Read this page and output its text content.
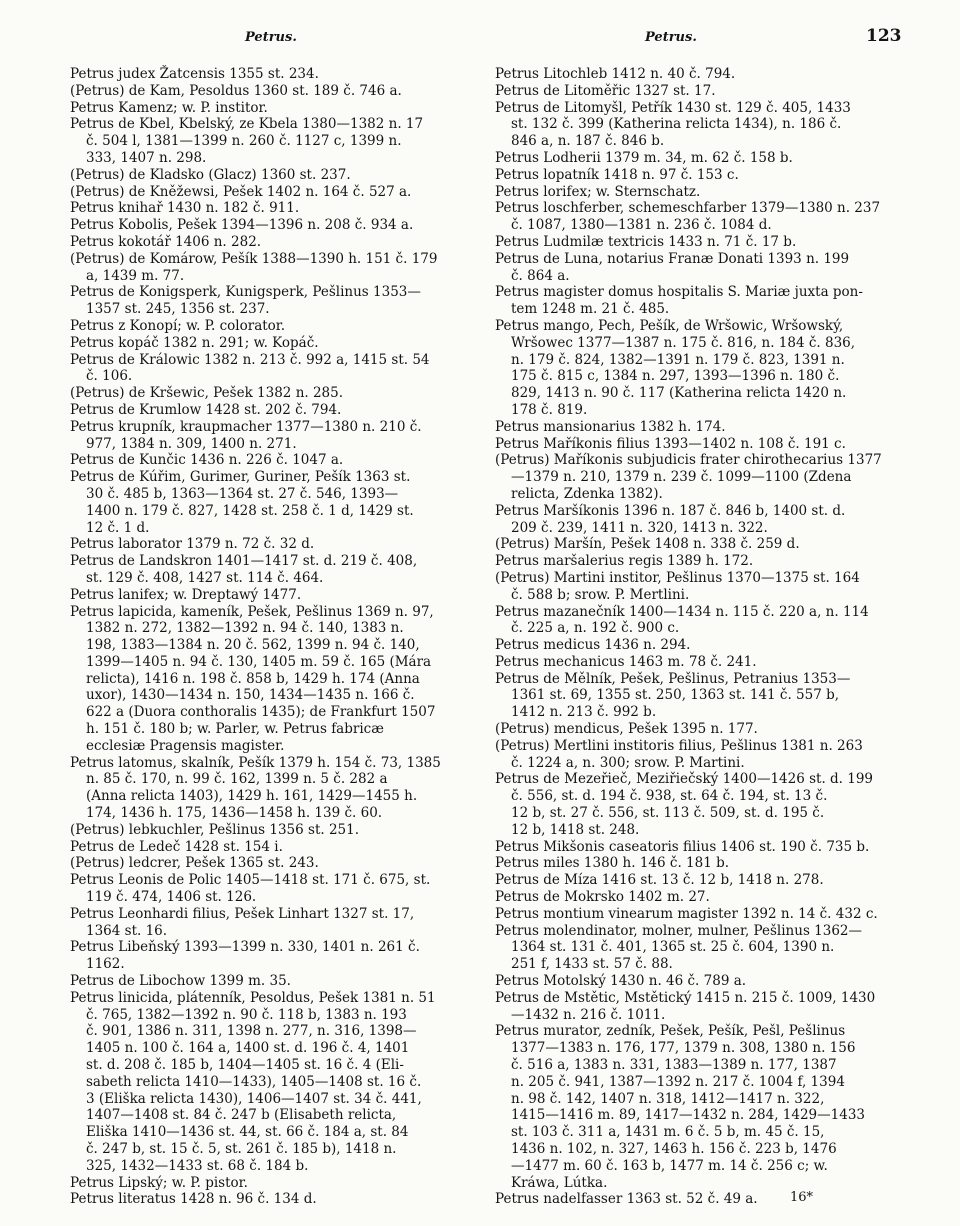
Petrus.	Petrus.	123

Petrus judex Žatcensis 1355 st. 234.

(Petrus) de Kam, Pesoldus 1360 st. 189 č. 746 a.

Petrus Kamenz; w. P. institor.

Petrus de Kbel, Kbelský, ze Kbela 1380—1382 n. 17
č. 504 l, 1381—1399 n. 260 č. 1127 c, 1399 n.
333, 1407 n. 298.

(Petrus) de Kladsko (Glacz) 1360 st. 237.

(Petrus) de Kněžewsi, Pešek 1402 n. 164 č. 527 a.

Petrus knihař 1430 n. 182 č. 911.

Petrus Kobolis, Pešek 1394—1396 n. 208 č. 934 a.

Petrus kokotář 1406 n. 282.

(Petrus) de Komárow, Pešík 1388—1390 h. 151 č. 179
a, 1439 m. 77.

Petrus de Konigsperk, Kunigsperk, Pešlinus 1353—
1357 st. 245, 1356 st. 237.

Petrus z Konopí; w. P. colorator.

Petrus kopáč 1382 n. 291; w. Kopáč.

Petrus de Králowic 1382 n. 213 č. 992 a, 1415 st. 54
č. 106.

(Petrus) de Kršewic, Pešek 1382 n. 285.

Petrus de Krumlow 1428 st. 202 č. 794.

Petrus krupník, kraupmacher 1377—1380 n. 210 č.
977, 1384 n. 309, 1400 n. 271.

Petrus de Kunčic 1436 n. 226 č. 1047 a.

Petrus de Kúřim, Gurimer, Guriner, Pešík 1363 st.
30 č. 485 b, 1363—1364 st. 27 č. 546, 1393—
1400 n. 179 č. 827, 1428 st. 258 č. 1 d, 1429 st.
12 č. 1 d.

Petrus laborator 1379 n. 72 č. 32 d.

Petrus de Landskron 1401—1417 st. d. 219 č. 408,
st. 129 č. 408, 1427 st. 114 č. 464.

Petrus lanifex; w. Dreptawý 1477.

Petrus lapicida, kameník, Pešek, Pešlinus 1369 n. 97,
1382 n. 272, 1382—1392 n. 94 č. 140, 1383 n.
198, 1383—1384 n. 20 č. 562, 1399 n. 94 č. 140,
1399—1405 n. 94 č. 130, 1405 m. 59 č. 165 (Mára
relicta), 1416 n. 198 č. 858 b, 1429 h. 174 (Anna
uxor), 1430—1434 n. 150, 1434—1435 n. 166 č.
622 a (Duora conthoralis 1435); de Frankfurt 1507
h. 151 č. 180 b; w. Parler, w. Petrus fabricæ
ecclesiæ Pragensis magister.

Petrus latomus, skalník, Pešík 1379 h. 154 č. 73, 1385
n. 85 č. 170, n. 99 č. 162, 1399 n. 5 č. 282 a
(Anna relicta 1403), 1429 h. 161, 1429—1455 h.
174, 1436 h. 175, 1436—1458 h. 139 č. 60.

(Petrus) lebkuchler, Pešlinus 1356 st. 251.

Petrus de Ledeč 1428 st. 154 i.

(Petrus) ledcrer, Pešek 1365 st. 243.

Petrus Leonis de Polic 1405—1418 st. 171 č. 675, st.
119 č. 474, 1406 st. 126.

Petrus Leonhardi filius, Pešek Linhart 1327 st. 17,
1364 st. 16.

Petrus Libeňský 1393—1399 n. 330, 1401 n. 261 č.
1162.

Petrus de Libochow 1399 m. 35.

Petrus linicida, plátenník, Pesoldus, Pešek 1381 n. 51
č. 765, 1382—1392 n. 90 č. 118 b, 1383 n. 193
č. 901, 1386 n. 311, 1398 n. 277, n. 316, 1398—
1405 n. 100 č. 164 a, 1400 st. d. 196 č. 4, 1401
st. d. 208 č. 185 b, 1404—1405 st. 16 č. 4 (Eli-
sabeth relicta 1410—1433), 1405—1408 st. 16 č.
3 (Eliška relicta 1430), 1406—1407 st. 34 č. 441,
1407—1408 st. 84 č. 247 b (Elisabeth relicta,
Eliška 1410—1436 st. 44, st. 66 č. 184 a, st. 84
č. 247 b, st. 15 č. 5, st. 261 č. 185 b), 1418 n.
325, 1432—1433 st. 68 č. 184 b.

Petrus Lipský; w. P. pistor.

Petrus literatus 1428 n. 96 č. 134 d.

Petrus Litochleb 1412 n. 40 č. 794.

Petrus de Litoměřic 1327 st. 17.

Petrus de Litomyšl, Petřík 1430 st. 129 č. 405, 1433
st. 132 č. 399 (Katherina relicta 1434), n. 186 č.
846 a, n. 187 č. 846 b.

Petrus Lodherii 1379 m. 34, m. 62 č. 158 b.

Petrus lopatník 1418 n. 97 č. 153 c.

Petrus lorifex; w. Sternschatz.

Petrus loschferber, schemeschfarber 1379—1380 n. 237
č. 1087, 1380—1381 n. 236 č. 1084 d.

Petrus Ludmilæ textricis 1433 n. 71 č. 17 b.

Petrus de Luna, notarius Franæ Donati 1393 n. 199
č. 864 a.

Petrus magister domus hospitalis S. Mariæ juxta pon-
tem 1248 m. 21 č. 485.

Petrus mango, Pech, Pešík, de Wršowic, Wršowský,
Wršowec 1377—1387 n. 175 č. 816, n. 184 č. 836,
n. 179 č. 824, 1382—1391 n. 179 č. 823, 1391 n.
175 č. 815 c, 1384 n. 297, 1393—1396 n. 180 č.
829, 1413 n. 90 č. 117 (Katherina relicta 1420 n.
178 č. 819.

Petrus mansionarius 1382 h. 174.

Petrus Maříkonis filius 1393—1402 n. 108 č. 191 c.

(Petrus) Maříkonis subjudicis frater chirothecarius 1377
—1379 n. 210, 1379 n. 239 č. 1099—1100 (Zdena
relicta, Zdenka 1382).

Petrus Maršíkonis 1396 n. 187 č. 846 b, 1400 st. d.
209 č. 239, 1411 n. 320, 1413 n. 322.

(Petrus) Maršín, Pešek 1408 n. 338 č. 259 d.

Petrus maršalerius regis 1389 h. 172.

(Petrus) Martini institor, Pešlinus 1370—1375 st. 164
č. 588 b; srow. P. Mertlini.

Petrus mazanečník 1400—1434 n. 115 č. 220 a, n. 114
č. 225 a, n. 192 č. 900 c.

Petrus medicus 1436 n. 294.

Petrus mechanicus 1463 m. 78 č. 241.

Petrus de Mělník, Pešek, Pešlinus, Petranius 1353—
1361 st. 69, 1355 st. 250, 1363 st. 141 č. 557 b,
1412 n. 213 č. 992 b.

(Petrus) mendicus, Pešek 1395 n. 177.

(Petrus) Mertlini institoris filius, Pešlinus 1381 n. 263
č. 1224 a, n. 300; srow. P. Martini.

Petrus de Mezeřieč, Meziřiečský 1400—1426 st. d. 199
č. 556, st. d. 194 č. 938, st. 64 č. 194, st. 13 č.
12 b, st. 27 č. 556, st. 113 č. 509, st. d. 195 č.
12 b, 1418 st. 248.

Petrus Mikšonis caseatoris filius 1406 st. 190 č. 735 b.

Petrus miles 1380 h. 146 č. 181 b.

Petrus de Míza 1416 st. 13 č. 12 b, 1418 n. 278.

Petrus de Mokrsko 1402 m. 27.

Petrus montium vinearum magister 1392 n. 14 č. 432 c.

Petrus molendinator, molner, mulner, Pešlinus 1362—
1364 st. 131 č. 401, 1365 st. 25 č. 604, 1390 n.
251 f, 1433 st. 57 č. 88.

Petrus Motolský 1430 n. 46 č. 789 a.

Petrus de Mstětic, Mstětický 1415 n. 215 č. 1009, 1430
—1432 n. 216 č. 1011.

Petrus murator, zedník, Pešek, Pešík, Pešl, Pešlinus
1377—1383 n. 176, 177, 1379 n. 308, 1380 n. 156
č. 516 a, 1383 n. 331, 1383—1389 n. 177, 1387
n. 205 č. 941, 1387—1392 n. 217 č. 1004 f, 1394
n. 98 č. 142, 1407 n. 318, 1412—1417 n. 322,
1415—1416 m. 89, 1417—1432 n. 284, 1429—1433
st. 103 č. 311 a, 1431 m. 6 č. 5 b, m. 45 č. 15,
1436 n. 102, n. 327, 1463 h. 156 č. 223 b, 1476
—1477 m. 60 č. 163 b, 1477 m. 14 č. 256 c; w.
Kráwa, Lútka.

Petrus nadelfasser 1363 st. 52 č. 49 a.	16*
